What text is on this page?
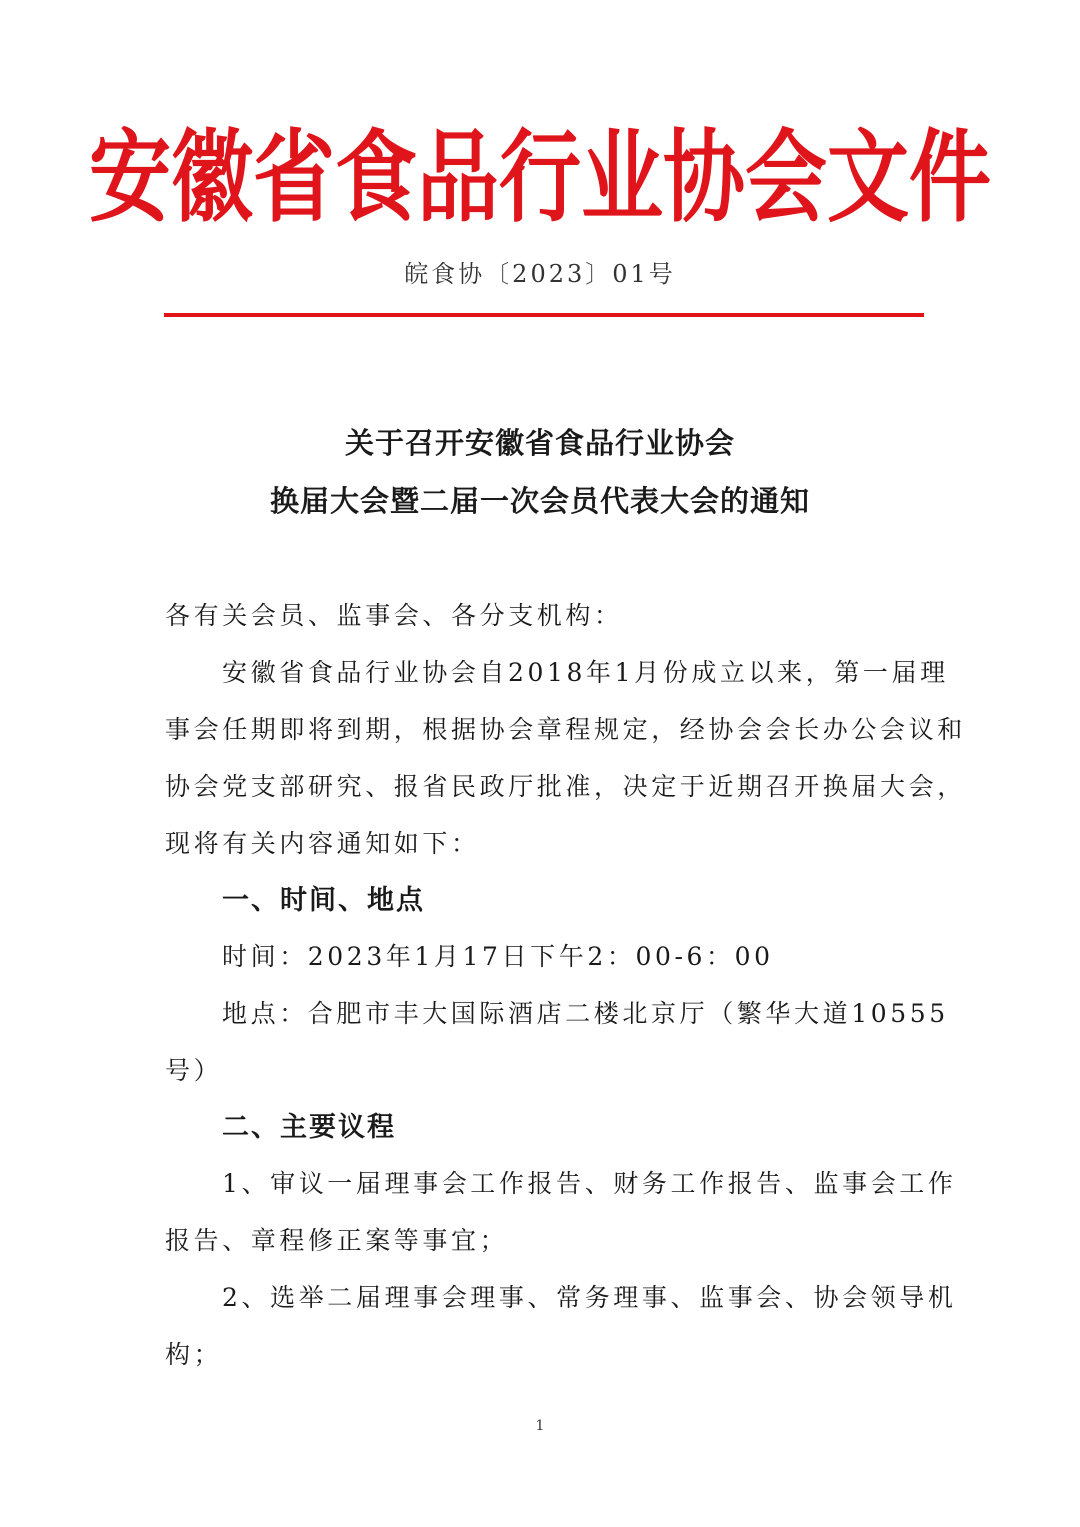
安徽省食品行业协会文件
皖食协〔2023〕01号
关于召开安徽省食品行业协会
换届大会暨二届一次会员代表大会的通知
各有关会员、监事会、各分支机构：
安徽省食品行业协会自2018年1月份成立以来，第一届理
事会任期即将到期，根据协会章程规定，经协会会长办公会议和
协会党支部研究、报省民政厅批准，决定于近期召开换届大会，
现将有关内容通知如下：
一、时间、地点
时间：2023年1月17日下午2：00-6：00
地点：合肥市丰大国际酒店二楼北京厅（繁华大道10555
号）
二、主要议程
1、审议一届理事会工作报告、财务工作报告、监事会工作
报告、章程修正案等事宜；
2、选举二届理事会理事、常务理事、监事会、协会领导机
构；
1
